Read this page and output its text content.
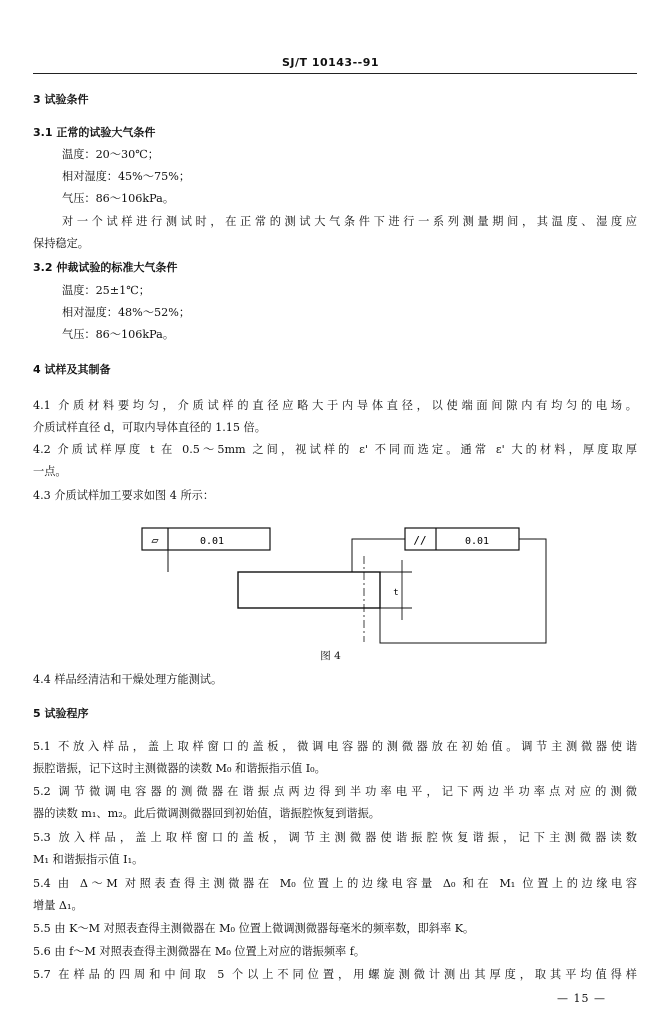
SJ/T 10143--91
3 试验条件
3.1 正常的试验大气条件
温度：20～30℃；
相对湿度：45%～75%；
气压：86～106kPa。
对一个试样进行测试时，在正常的测试大气条件下进行一系列测量期间，其温度、湿度应
保持稳定。
3.2 仲裁试验的标准大气条件
温度：25±1℃；
相对湿度：48%～52%；
气压：86～106kPa。
4 试样及其制备
4.1 介质材料要均匀，介质试样的直径应略大于内导体直径，以使端面间隙内有均匀的电场。
介质试样直径 d，可取内导体直径的 1.15 倍。
4.2 介质试样厚度 t 在 0.5～5mm 之间，视试样的 ε' 不同而选定。通常 ε' 大的材料，厚度取厚
一点。
4.3 介质试样加工要求如图 4 所示：
▱	0.01	//	0.01
t
图 4
4.4 样品经清洁和干燥处理方能测试。
5 试验程序
5.1 不放入样品，盖上取样窗口的盖板，微调电容器的测微器放在初始值。调节主测微器使谐
振腔谐振，记下这时主测微器的读数 M₀ 和谐振指示值 I₀。
5.2 调节微调电容器的测微器在谐振点两边得到半功率电平，记下两边半功率点对应的测微
器的读数 m₁、m₂。此后微调测微器回到初始值，谐振腔恢复到谐振。
5.3 放入样品，盖上取样窗口的盖板，调节主测微器使谐振腔恢复谐振，记下主测微器读数
M₁ 和谐振指示值 I₁。
5.4 由 Δ～M 对照表查得主测微器在 M₀ 位置上的边缘电容量 Δ₀ 和在 M₁ 位置上的边缘电容
增量 Δ₁。
5.5 由 K～M 对照表查得主测微器在 M₀ 位置上微调测微器每毫米的频率数，即斜率 K。
5.6 由 f～M 对照表查得主测微器在 M₀ 位置上对应的谐振频率 f。
5.7 在样品的四周和中间取 5 个以上不同位置，用螺旋测微计测出其厚度，取其平均值得样
— 15 —
